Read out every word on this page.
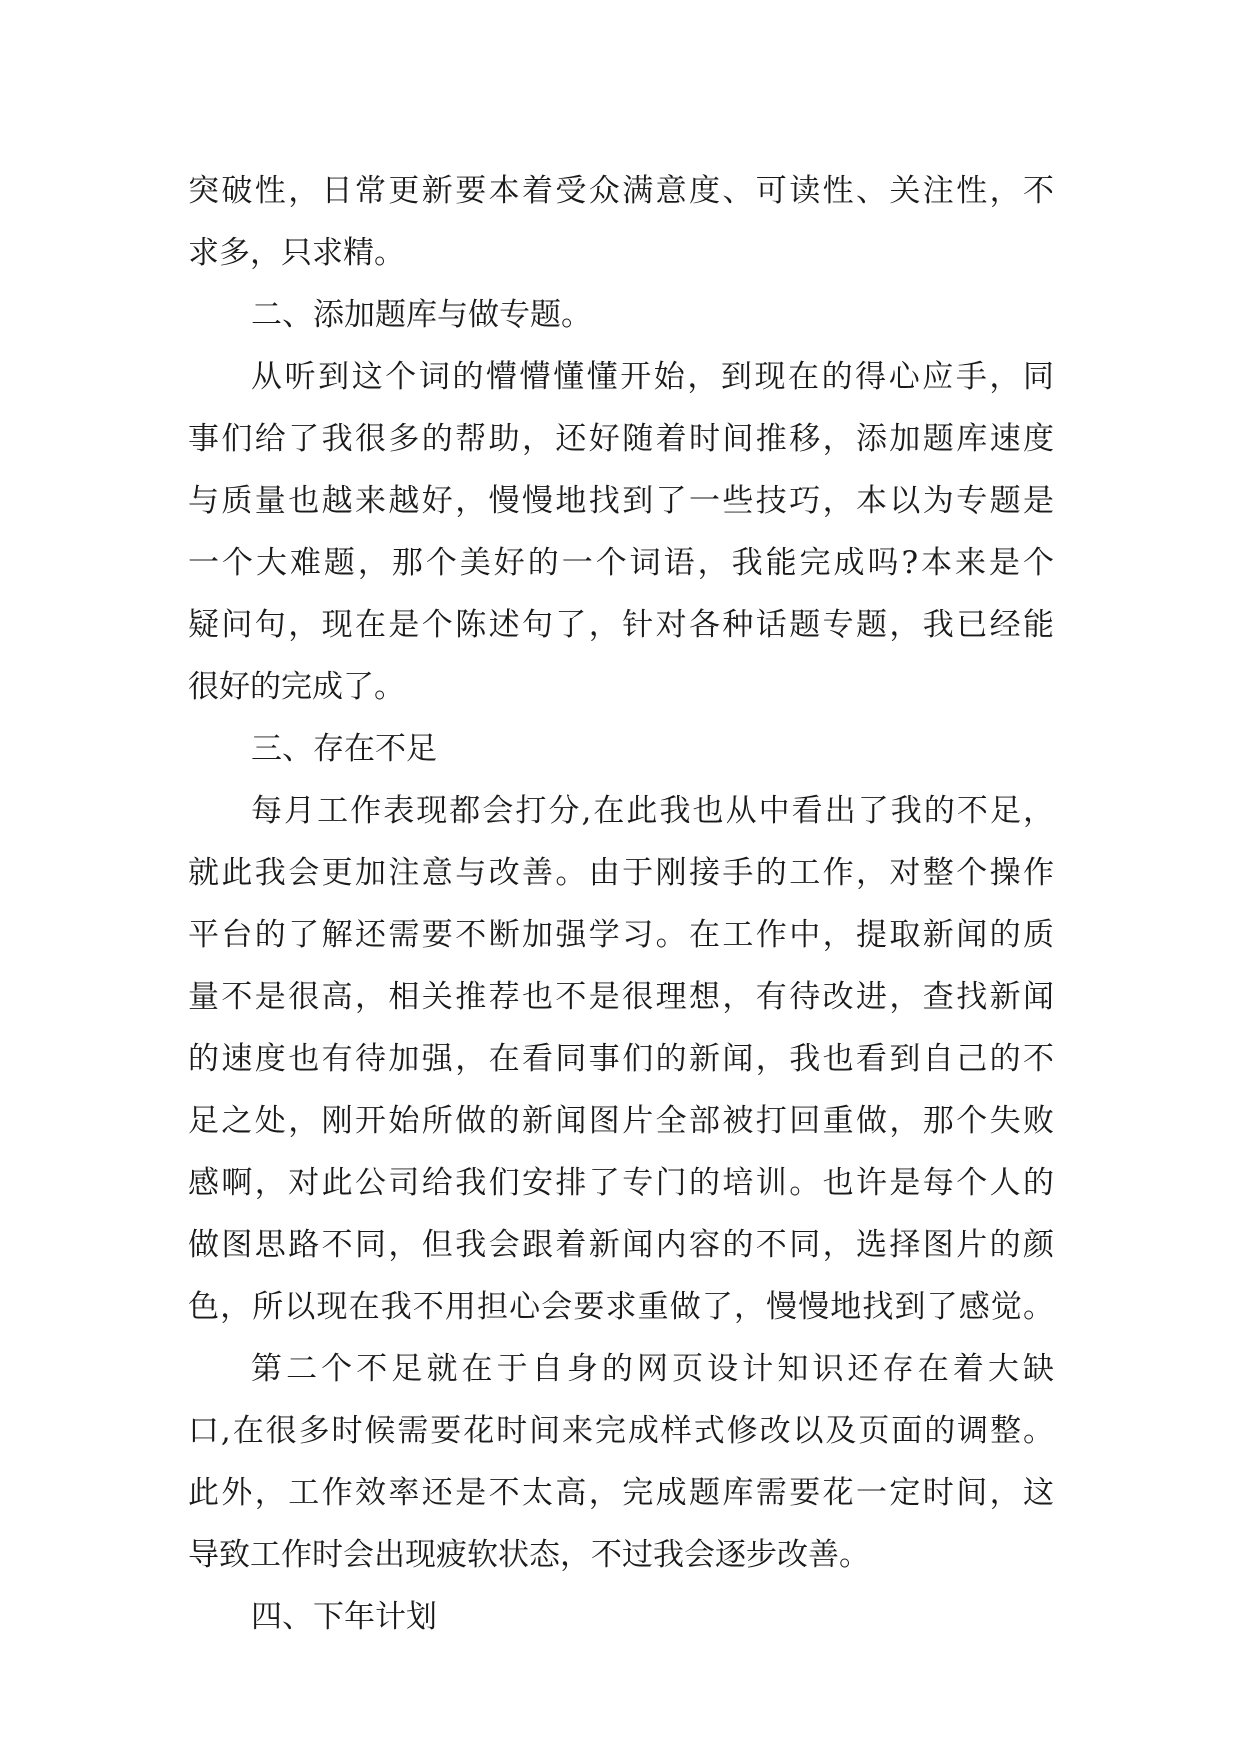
突破性，日常更新要本着受众满意度、可读性、关注性，不
求多，只求精。
二、添加题库与做专题。
从听到这个词的懵懵懂懂开始，到现在的得心应手，同
事们给了我很多的帮助，还好随着时间推移，添加题库速度
与质量也越来越好，慢慢地找到了一些技巧，本以为专题是
一个大难题，那个美好的一个词语，我能完成吗?本来是个
疑问句，现在是个陈述句了，针对各种话题专题，我已经能
很好的完成了。
三、存在不足
每月工作表现都会打分,在此我也从中看出了我的不足，
就此我会更加注意与改善。由于刚接手的工作，对整个操作
平台的了解还需要不断加强学习。在工作中，提取新闻的质
量不是很高，相关推荐也不是很理想，有待改进，查找新闻
的速度也有待加强，在看同事们的新闻，我也看到自己的不
足之处，刚开始所做的新闻图片全部被打回重做，那个失败
感啊，对此公司给我们安排了专门的培训。也许是每个人的
做图思路不同，但我会跟着新闻内容的不同，选择图片的颜
色，所以现在我不用担心会要求重做了，慢慢地找到了感觉。
第二个不足就在于自身的网页设计知识还存在着大缺
口,在很多时候需要花时间来完成样式修改以及页面的调整。
此外，工作效率还是不太高，完成题库需要花一定时间，这
导致工作时会出现疲软状态，不过我会逐步改善。
四、下年计划
